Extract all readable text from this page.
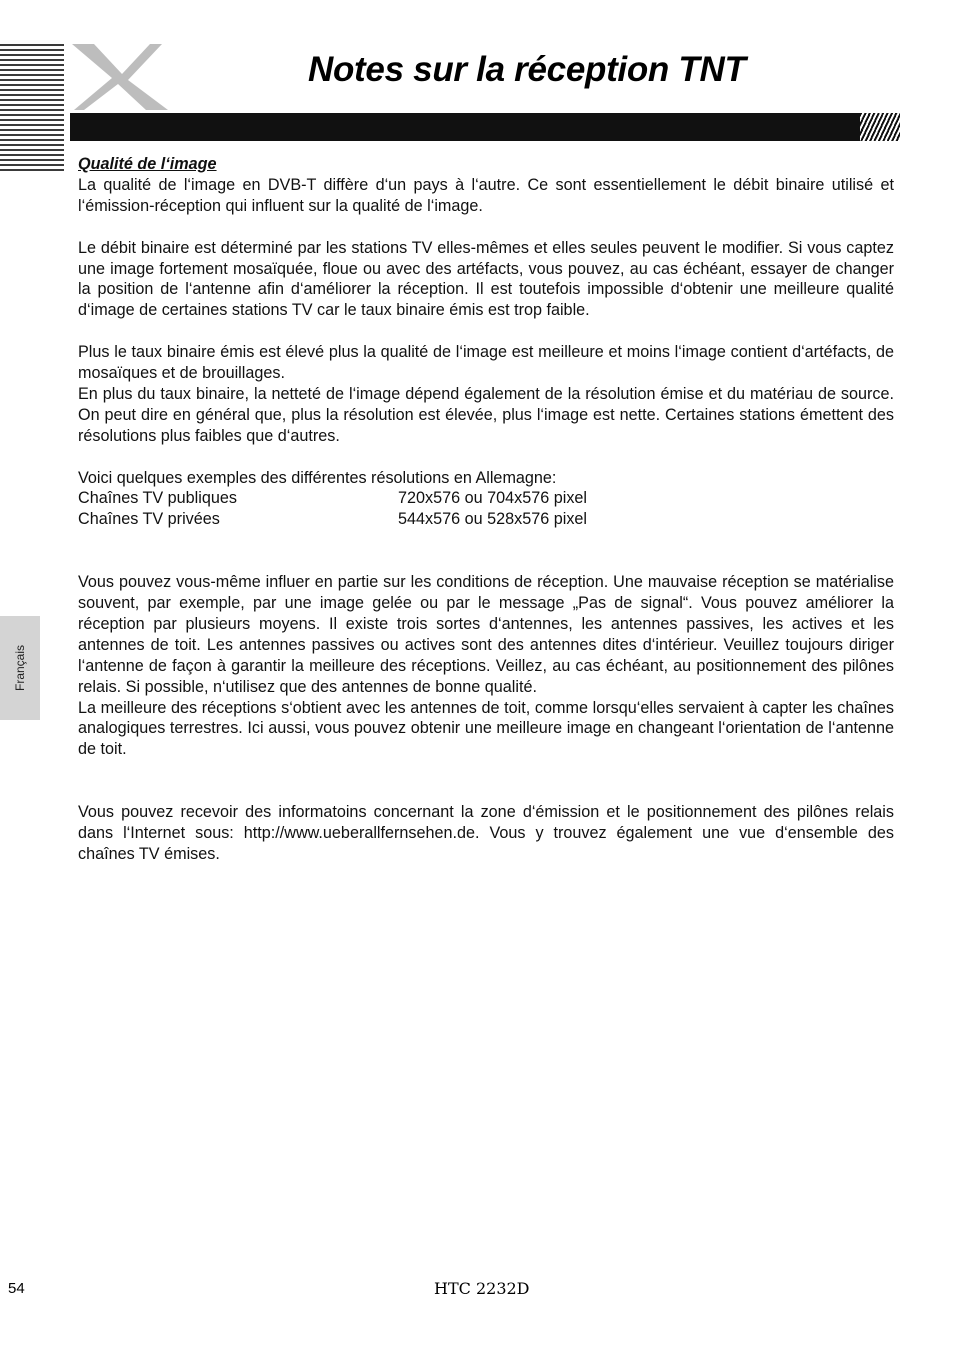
Notes sur la réception TNT
Français

Qualité de l‘image

La qualité de l‘image en DVB-T diffère d‘un pays à l‘autre. Ce sont essentiellement le débit binaire utilisé et l‘émission-réception qui influent sur la qualité de l‘image.

Le débit binaire est déterminé par les stations TV elles-mêmes et elles seules peuvent le modifier. Si vous captez une image fortement mosaïquée, floue ou avec des artéfacts, vous pouvez, au cas échéant, essayer de changer la position de l‘antenne afin d‘améliorer la réception. Il est toutefois impossible d‘obtenir une meilleure qualité d‘image de certaines stations TV car le taux binaire émis est trop faible.

Plus le taux binaire émis est élevé plus la qualité de l‘image est meilleure et moins l‘image contient d‘artéfacts, de mosaïques et de brouillages.

En plus du taux binaire, la netteté de l‘image dépend également de la résolution émise et du matériau de source. On peut dire en général que, plus la résolution est élevée, plus l‘image est nette. Certaines stations émettent des résolutions plus faibles que d‘autres.

Voici quelques exemples des différentes résolutions en Allemagne:

Chaînes TV publiques	720x576 ou 704x576 pixel
Chaînes TV privées	544x576 ou 528x576 pixel

Vous pouvez vous-même influer en partie sur les conditions de réception. Une mauvaise réception se matérialise souvent, par exemple, par une image gelée ou par le message „Pas de signal“. Vous pouvez améliorer la réception par plusieurs moyens. Il existe trois sortes d‘antennes, les antennes passives, les actives et les antennes de toit. Les antennes passives ou actives sont des antennes dites d‘intérieur. Veuillez toujours diriger l‘antenne de façon à garantir la meilleure des réceptions. Veillez, au cas échéant, au positionnement des pilônes relais. Si possible, n‘utilisez que des antennes de bonne qualité.

La meilleure des réceptions s‘obtient avec les antennes de toit, comme lorsqu‘elles servaient à capter les chaînes analogiques terrestres. Ici aussi, vous pouvez obtenir une meilleure image en changeant l‘orientation de l‘antenne de toit.

Vous pouvez recevoir des informatoins concernant la zone d‘émission et le positionnement des pilônes relais dans l‘Internet sous: http://www.ueberallfernsehen.de. Vous y trouvez également une vue d‘ensemble des chaînes TV émises.

54	HTC 2232D
